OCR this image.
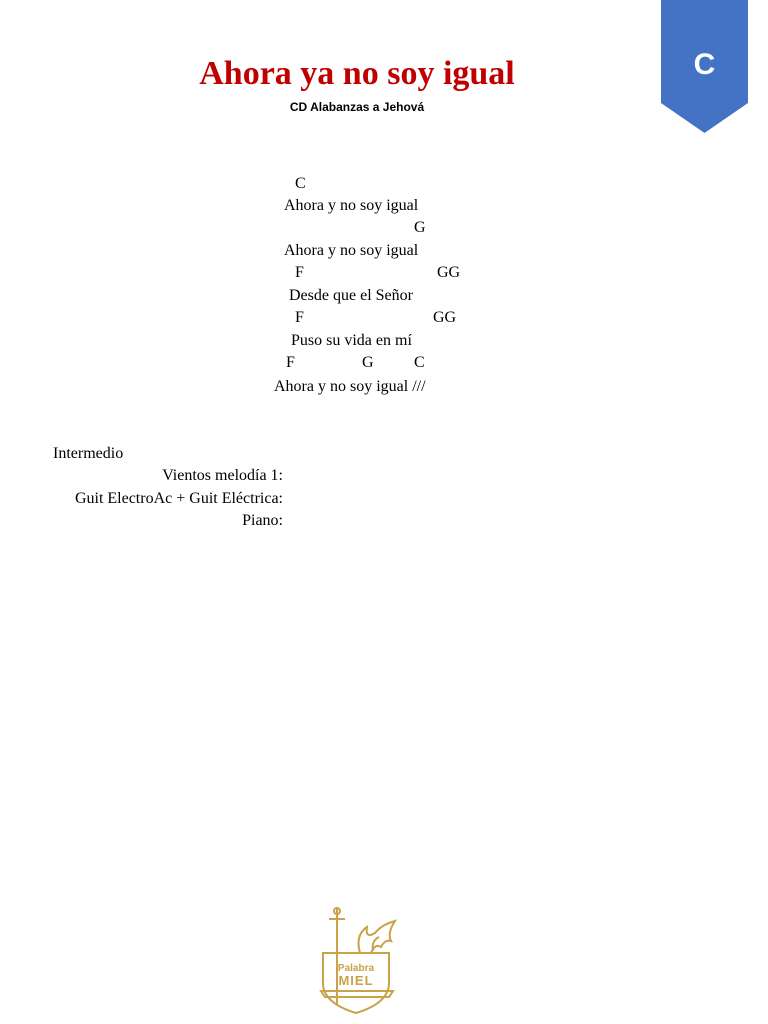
C
Ahora ya no soy igual
CD Alabanzas a Jehová
C
Ahora y no soy igual
G
Ahora y no soy igual
F	GG
Desde que el Señor
F	GG
Puso su vida en mí
F	G	C
Ahora y no soy igual ///
Intermedio
Vientos melodía 1:
Guit ElectroAc + Guit Eléctrica:
Piano:
Palabra
MIEL
